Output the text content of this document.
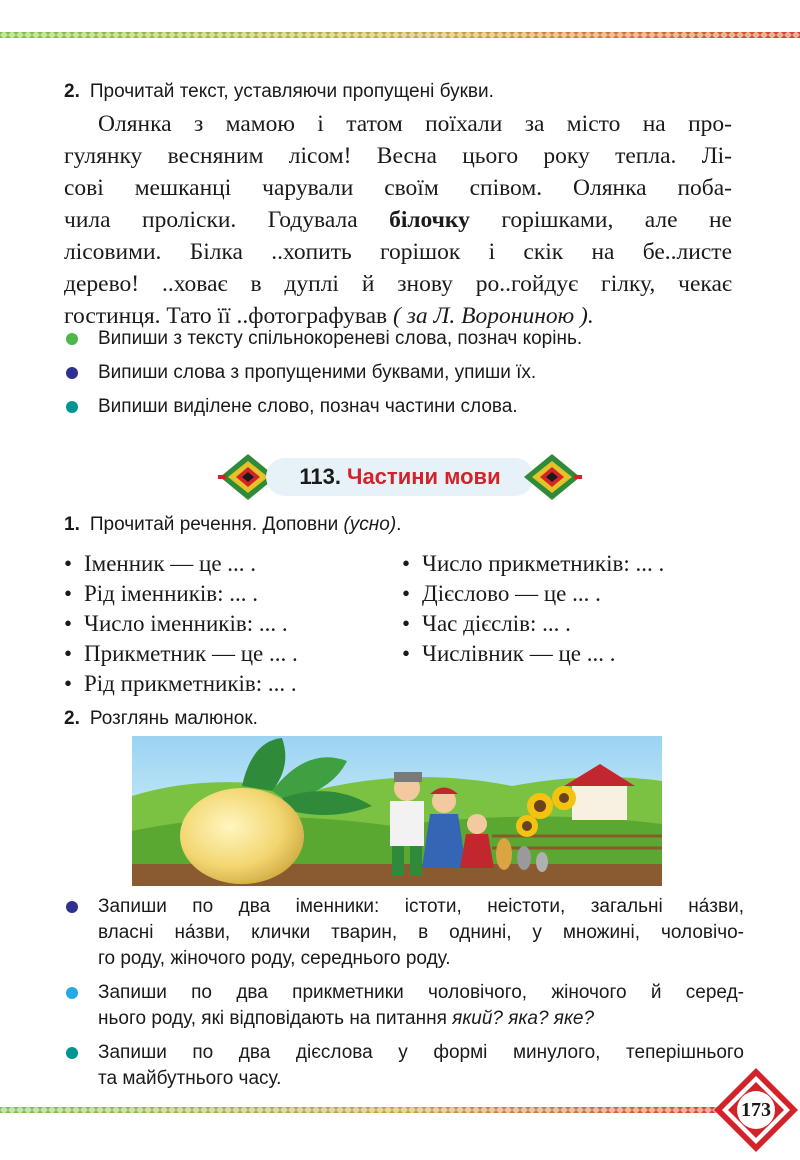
2. Прочитай текст, уставляючи пропущені букви.
Олянка з мамою і татом поїхали за місто на про-
гулянку весняним лісом! Весна цього року тепла. Лі-
сові мешканці чарували своїм співом. Олянка поба-
чила проліски. Годувала білочку горішками, але не
лісовими. Білка ..хопить горішок і скік на бе..листе
дерево! ..ховає в дуплі й знову ро..гойдує гілку, чекає
гостинця. Тато її ..фотографував ( за Л. Ворониною ).
Випиши з тексту спільнокореневі слова, познач корінь.
Випиши слова з пропущеними буквами, упиши їх.
Випиши виділене слово, познач частини слова.
113. Частини мови
1. Прочитай речення. Доповни (усно).
• Іменник — це ... .
• Рід іменників: ... .
• Число іменників: ... .
• Прикметник — це ... .
• Рід прикметників: ... .
• Число прикметників: ... .
• Дієслово — це ... .
• Час дієслів: ... .
• Числівник — це ... .
2. Розглянь малюнок.
Запиши по два іменники: істоти, неістоти, загальні на́зви,
власні на́зви, клички тварин, в однині, у множині, чоловічо-
го роду, жіночого роду, середнього роду.
Запиши по два прикметники чоловічого, жіночого й серед-
нього роду, які відповідають на питання який? яка? яке?
Запиши по два дієслова у формі минулого, теперішнього
та майбутнього часу.
173
